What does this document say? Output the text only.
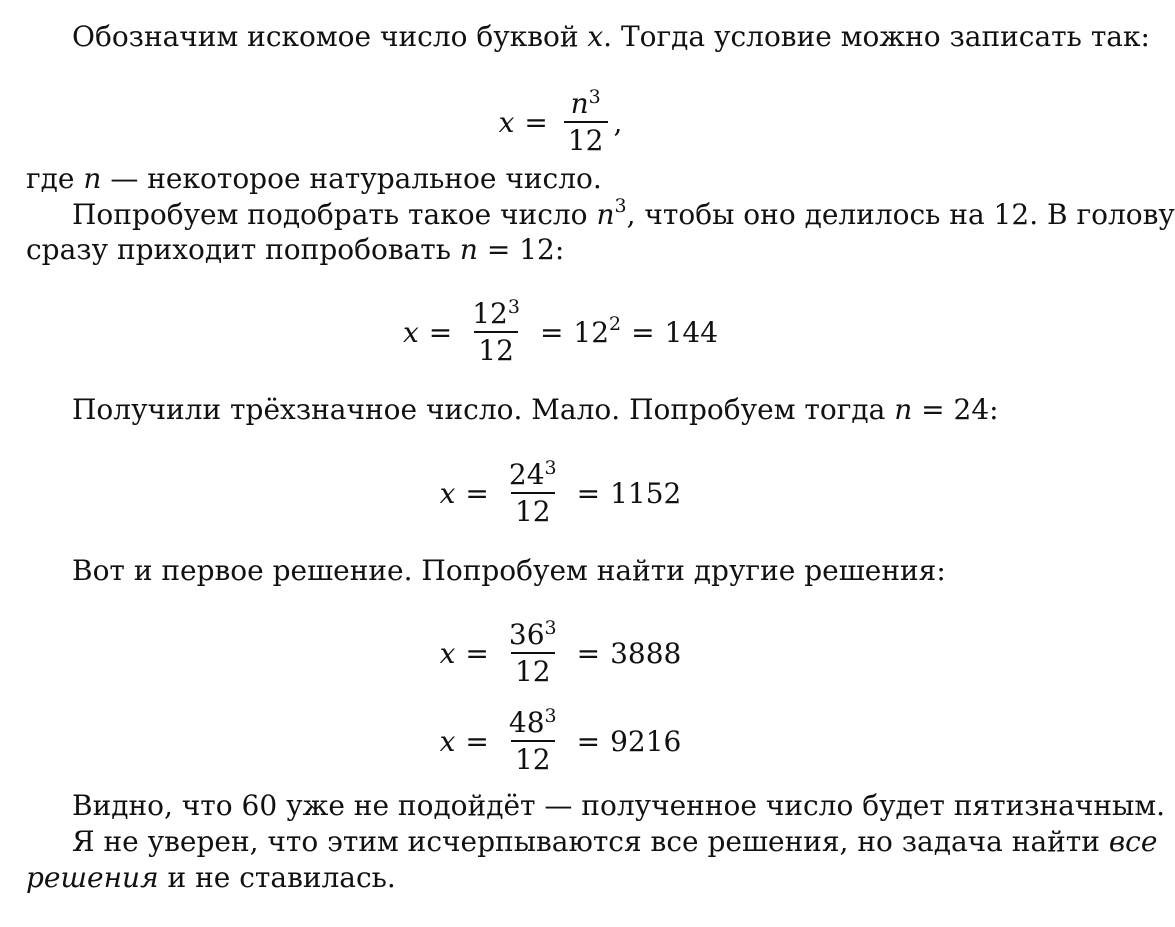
Обозначим искомое число буквой x. Тогда условие можно записать так:
$x = \frac{n^3}{12}$ ,
где n — некоторое натуральное число.
Попробуем подобрать такое число $n^3$, чтобы оно делилось на 12. В голову
сразу приходит попробовать n = 12:
$x = \frac{12^3}{12} = 12^2 = 144$
Получили трёхзначное число. Мало. Попробуем тогда n = 24:
$x = \frac{24^3}{12} = 1152$
Вот и первое решение. Попробуем найти другие решения:
$x = \frac{36^3}{12} = 3888$
$x = \frac{48^3}{12} = 9216$
Видно, что 60 уже не подойдёт — полученное число будет пятизначным.
Я не уверен, что этим исчерпываются все решения, но задача найти все
решения и не ставилась.
